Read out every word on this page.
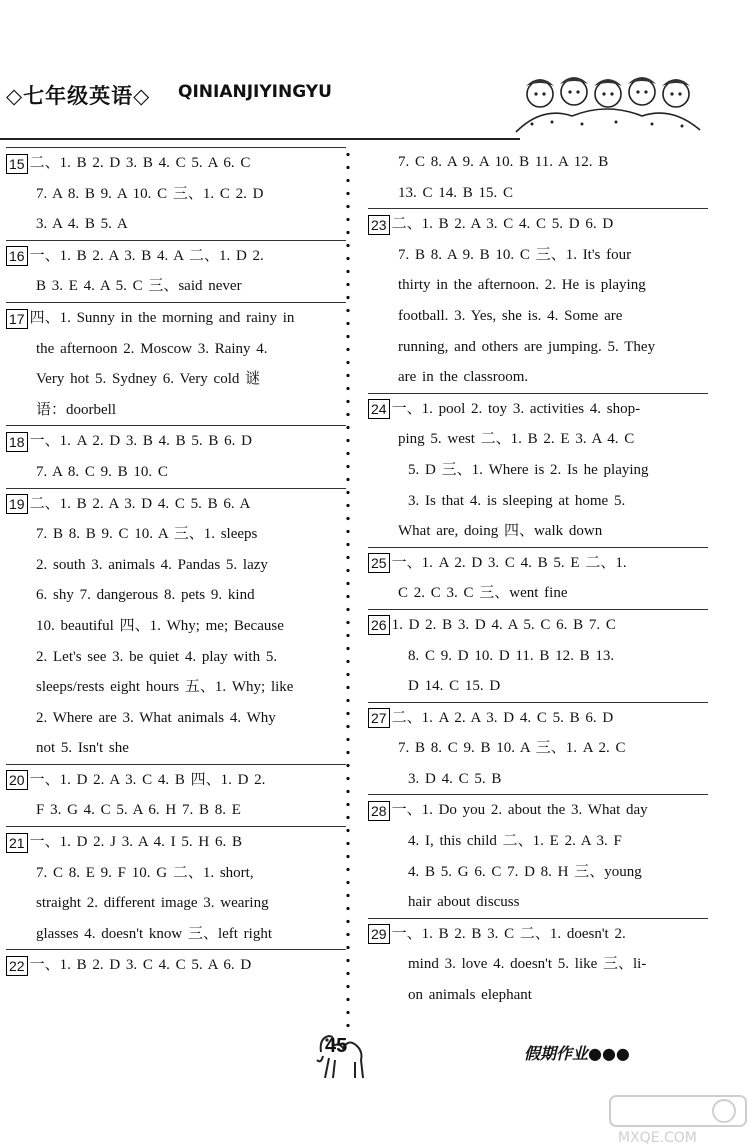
◇七年级英语◇ QINIANJIYINGYU
15 二、1. B 2. D 3. B 4. C 5. A 6. C
7. A 8. B 9. A 10. C 三、1. C 2. D
3. A 4. B 5. A
16 一、1. B 2. A 3. B 4. A 二、1. D 2.
B 3. E 4. A 5. C 三、said never
17 四、1. Sunny in the morning and rainy in
the afternoon 2. Moscow 3. Rainy 4.
Very hot 5. Sydney 6. Very cold 谜
语：doorbell
18 一、1. A 2. D 3. B 4. B 5. B 6. D
7. A 8. C 9. B 10. C
19 二、1. B 2. A 3. D 4. C 5. B 6. A
7. B 8. B 9. C 10. A 三、1. sleeps
2. south 3. animals 4. Pandas 5. lazy
6. shy 7. dangerous 8. pets 9. kind
10. beautiful 四、1. Why; me; Because
2. Let's see 3. be quiet 4. play with 5.
sleeps/rests eight hours 五、1. Why; like
2. Where are 3. What animals 4. Why
not 5. Isn't she
20 一、1. D 2. A 3. C 4. B 四、1. D 2.
F 3. G 4. C 5. A 6. H 7. B 8. E
21 一、1. D 2. J 3. A 4. I 5. H 6. B
7. C 8. E 9. F 10. G 二、1. short,
straight 2. different image 3. wearing
glasses 4. doesn't know 三、left right
22 一、1. B 2. D 3. C 4. C 5. A 6. D
7. C 8. A 9. A 10. B 11. A 12. B
13. C 14. B 15. C
23 二、1. B 2. A 3. C 4. C 5. D 6. D
7. B 8. A 9. B 10. C 三、1. It's four
thirty in the afternoon. 2. He is playing
football. 3. Yes, she is. 4. Some are
running, and others are jumping. 5. They
are in the classroom.
24 一、1. pool 2. toy 3. activities 4. shop-
ping 5. west 二、1. B 2. E 3. A 4. C
5. D 三、1. Where is 2. Is he playing
3. Is that 4. is sleeping at home 5.
What are, doing 四、walk down
25 一、1. A 2. D 3. C 4. B 5. E 二、1.
C 2. C 3. C 三、went fine
26 1. D 2. B 3. D 4. A 5. C 6. B 7. C
8. C 9. D 10. D 11. B 12. B 13.
D 14. C 15. D
27 二、1. A 2. A 3. D 4. C 5. B 6. D
7. B 8. C 9. B 10. A 三、1. A 2. C
3. D 4. C 5. B
28 一、1. Do you 2. about the 3. What day
4. I, this child 二、1. E 2. A 3. F
4. B 5. G 6. C 7. D 8. H 三、young
hair about discuss
29 一、1. B 2. B 3. C 二、1. doesn't 2.
mind 3. love 4. doesn't 5. like 三、li-
on animals elephant
45	假期作业●●●
MXQE.COM
